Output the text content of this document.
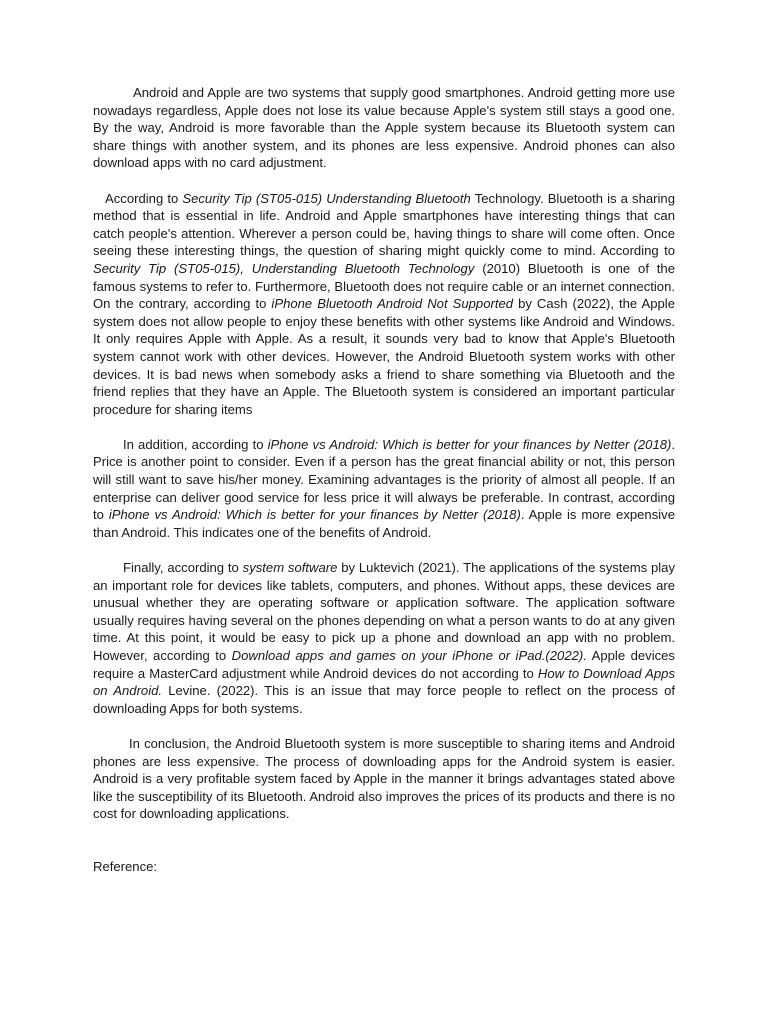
Android and Apple are two systems that supply good smartphones. Android getting more use nowadays regardless, Apple does not lose its value because Apple's system still stays a good one. By the way, Android is more favorable than the Apple system because its Bluetooth system can share things with another system, and its phones are less expensive. Android phones can also download apps with no card adjustment.

According to Security Tip (ST05-015) Understanding Bluetooth Technology. Bluetooth is a sharing method that is essential in life. Android and Apple smartphones have interesting things that can catch people's attention. Wherever a person could be, having things to share will come often. Once seeing these interesting things, the question of sharing might quickly come to mind. According to Security Tip (ST05-015), Understanding Bluetooth Technology (2010) Bluetooth is one of the famous systems to refer to. Furthermore, Bluetooth does not require cable or an internet connection. On the contrary, according to iPhone Bluetooth Android Not Supported by Cash (2022), the Apple system does not allow people to enjoy these benefits with other systems like Android and Windows. It only requires Apple with Apple. As a result, it sounds very bad to know that Apple's Bluetooth system cannot work with other devices. However, the Android Bluetooth system works with other devices. It is bad news when somebody asks a friend to share something via Bluetooth and the friend replies that they have an Apple. The Bluetooth system is considered an important particular procedure for sharing items

In addition, according to iPhone vs Android: Which is better for your finances by Netter (2018). Price is another point to consider. Even if a person has the great financial ability or not, this person will still want to save his/her money. Examining advantages is the priority of almost all people. If an enterprise can deliver good service for less price it will always be preferable. In contrast, according to iPhone vs Android: Which is better for your finances by Netter (2018). Apple is more expensive than Android. This indicates one of the benefits of Android.

Finally, according to system software by Luktevich (2021). The applications of the systems play an important role for devices like tablets, computers, and phones. Without apps, these devices are unusual whether they are operating software or application software. The application software usually requires having several on the phones depending on what a person wants to do at any given time. At this point, it would be easy to pick up a phone and download an app with no problem. However, according to Download apps and games on your iPhone or iPad.(2022). Apple devices require a MasterCard adjustment while Android devices do not according to How to Download Apps on Android. Levine. (2022). This is an issue that may force people to reflect on the process of downloading Apps for both systems.

In conclusion, the Android Bluetooth system is more susceptible to sharing items and Android phones are less expensive. The process of downloading apps for the Android system is easier. Android is a very profitable system faced by Apple in the manner it brings advantages stated above like the susceptibility of its Bluetooth. Android also improves the prices of its products and there is no cost for downloading applications.

Reference:
